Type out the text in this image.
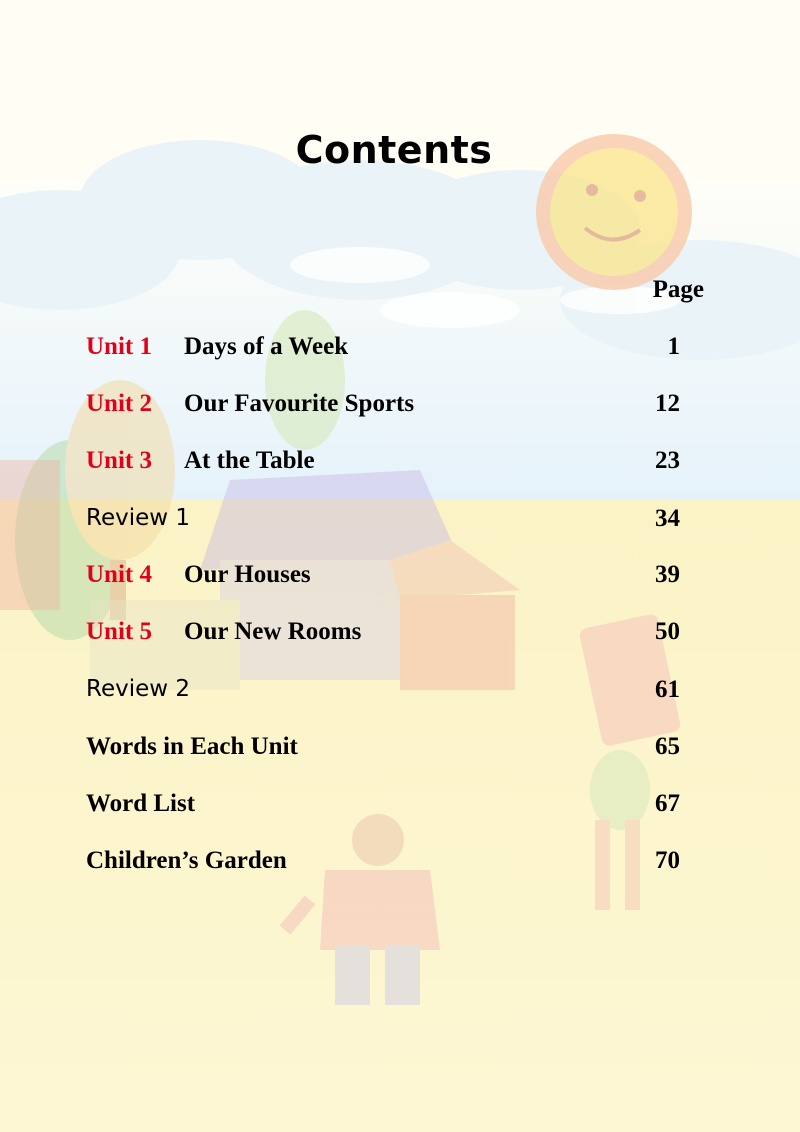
Contents
Page
Unit 1 Days of a Week	1
Unit 2 Our Favourite Sports	12
Unit 3 At the Table	23
Review 1	34
Unit 4 Our Houses	39
Unit 5 Our New Rooms	50
Review 2	61
Words in Each Unit	65
Word List	67
Children’s Garden	70
